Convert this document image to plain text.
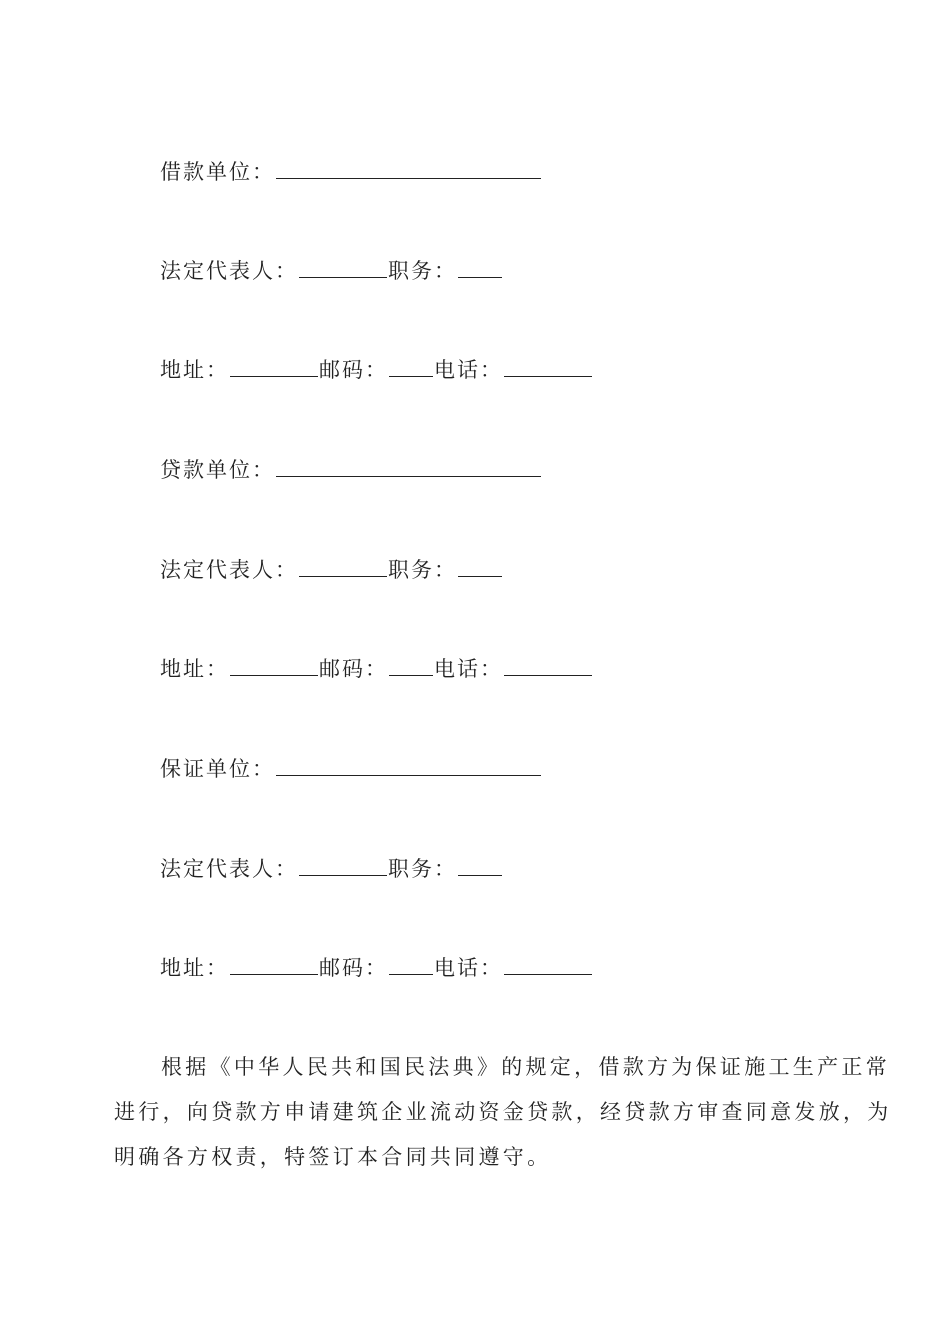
借款单位：
法定代表人：	职务：
地址：	邮码： 电话：
贷款单位：
法定代表人：	职务：
地址：	邮码： 电话：
保证单位：
法定代表人：	职务：
地址：	邮码： 电话：
根据《中华人民共和国民法典》的规定，借款方为保证施工生产正常
进行，向贷款方申请建筑企业流动资金贷款，经贷款方审查同意发放，为
明确各方权责，特签订本合同共同遵守。
